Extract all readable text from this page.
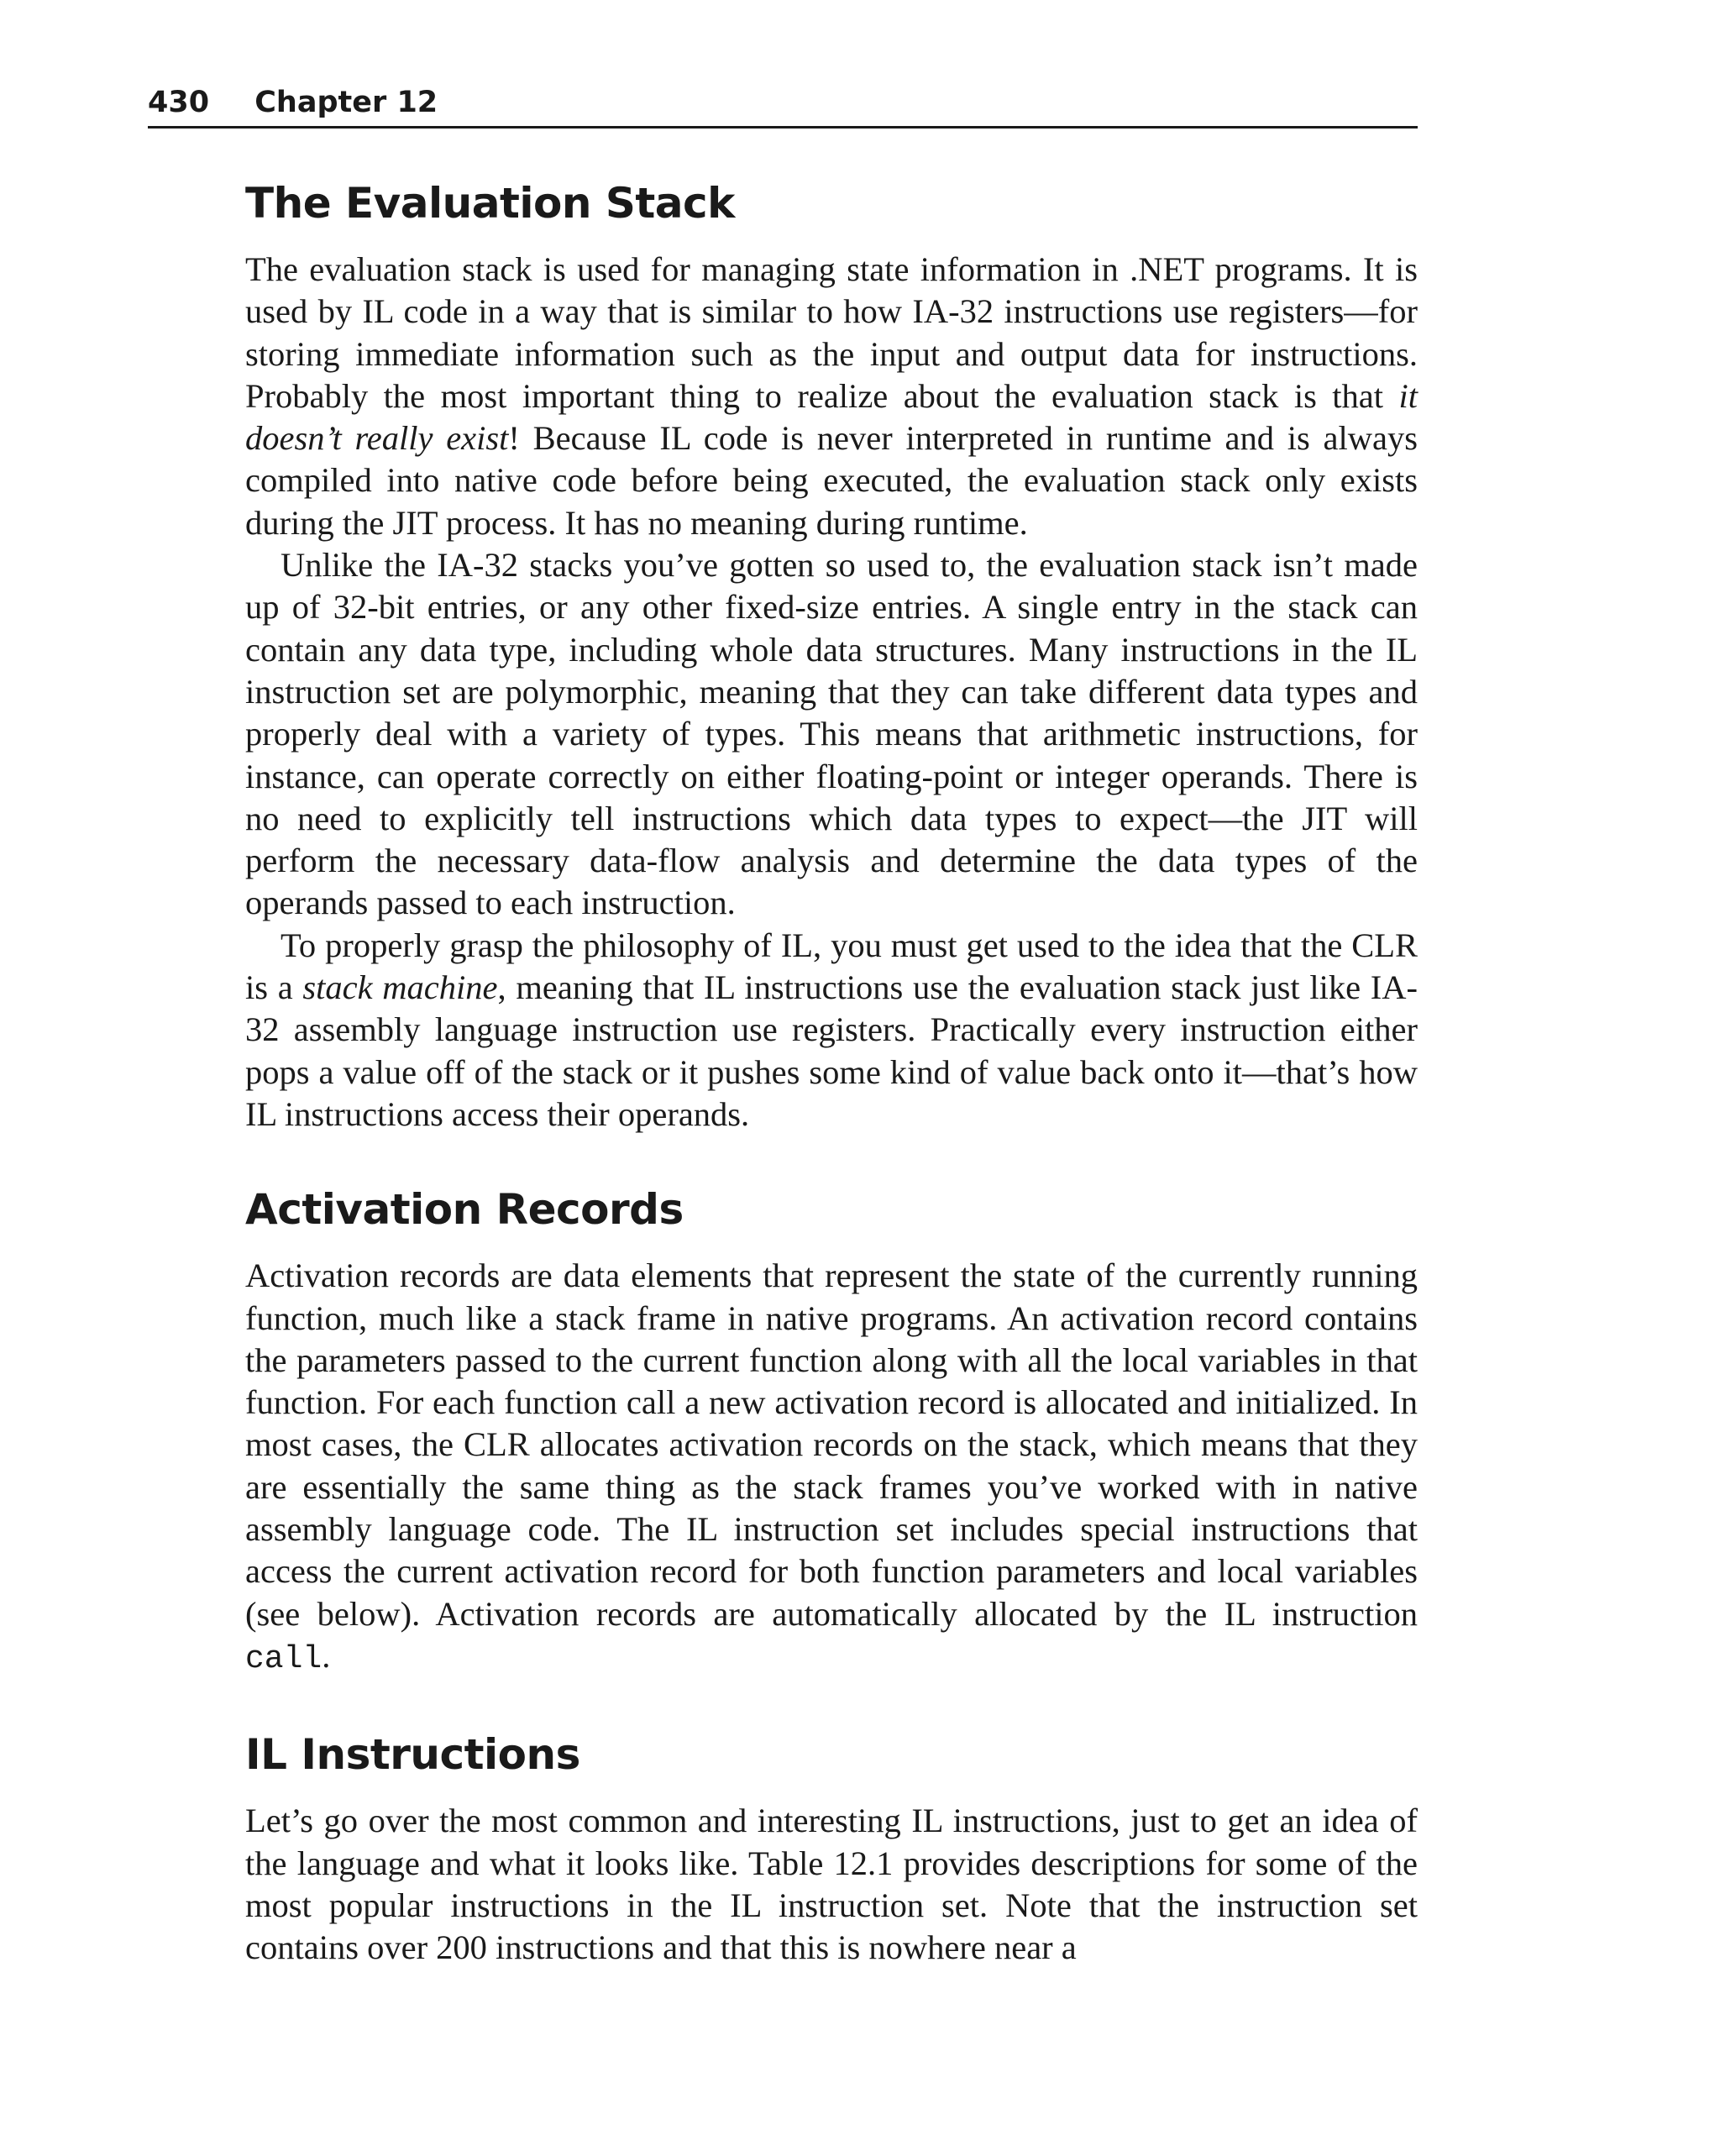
430 Chapter 12
The Evaluation Stack

The evaluation stack is used for managing state information in .NET programs. It is used by IL code in a way that is similar to how IA-32 instructions use registers—for storing immediate information such as the input and output data for instructions. Probably the most important thing to realize about the evaluation stack is that it doesn’t really exist! Because IL code is never interpreted in runtime and is always compiled into native code before being executed, the evaluation stack only exists during the JIT process. It has no meaning during runtime.

Unlike the IA-32 stacks you’ve gotten so used to, the evaluation stack isn’t made up of 32-bit entries, or any other fixed-size entries. A single entry in the stack can contain any data type, including whole data structures. Many instructions in the IL instruction set are polymorphic, meaning that they can take different data types and properly deal with a variety of types. This means that arithmetic instructions, for instance, can operate correctly on either floating-point or integer operands. There is no need to explicitly tell instructions which data types to expect—the JIT will perform the necessary data-flow analysis and determine the data types of the operands passed to each instruction.

To properly grasp the philosophy of IL, you must get used to the idea that the CLR is a stack machine, meaning that IL instructions use the evaluation stack just like IA-32 assembly language instruction use registers. Practically every instruction either pops a value off of the stack or it pushes some kind of value back onto it—that’s how IL instructions access their operands.

Activation Records

Activation records are data elements that represent the state of the currently running function, much like a stack frame in native programs. An activation record contains the parameters passed to the current function along with all the local variables in that function. For each function call a new activation record is allocated and initialized. In most cases, the CLR allocates activation records on the stack, which means that they are essentially the same thing as the stack frames you’ve worked with in native assembly language code. The IL instruction set includes special instructions that access the current activation record for both function parameters and local variables (see below). Activation records are automatically allocated by the IL instruction call.

IL Instructions

Let’s go over the most common and interesting IL instructions, just to get an idea of the language and what it looks like. Table 12.1 provides descriptions for some of the most popular instructions in the IL instruction set. Note that the instruction set contains over 200 instructions and that this is nowhere near a
